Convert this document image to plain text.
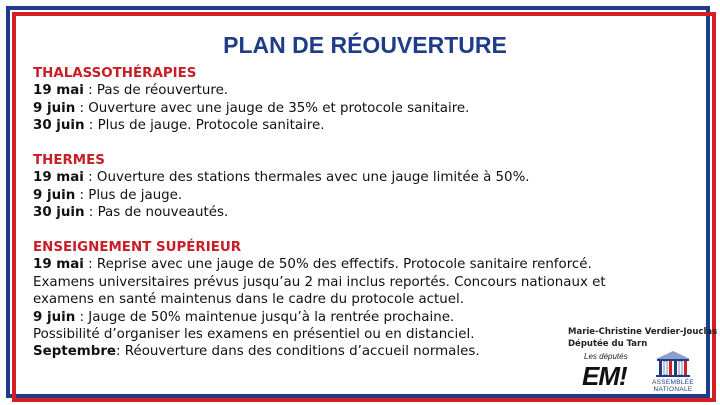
PLAN DE RÉOUVERTURE
THALASSOTHÉRAPIES
19 mai : Pas de réouverture.
9 juin : Ouverture avec une jauge de 35% et protocole sanitaire.
30 juin : Plus de jauge. Protocole sanitaire.
THERMES
19 mai : Ouverture des stations thermales avec une jauge limitée à 50%.
9 juin : Plus de jauge.
30 juin : Pas de nouveautés.
ENSEIGNEMENT SUPÉRIEUR
19 mai : Reprise avec une jauge de 50% des effectifs. Protocole sanitaire renforcé.
Examens universitaires prévus jusqu’au 2 mai inclus reportés. Concours nationaux et
examens en santé maintenus dans le cadre du protocole actuel.
9 juin : Jauge de 50% maintenue jusqu’à la rentrée prochaine.
Possibilité d’organiser les examens en présentiel ou en distanciel.
Septembre: Réouverture dans des conditions d’accueil normales.
Marie-Christine Verdier-Jouclas
Députée du Tarn
Les députés
EM!	ASSEMBLÉE
NATIONALE
